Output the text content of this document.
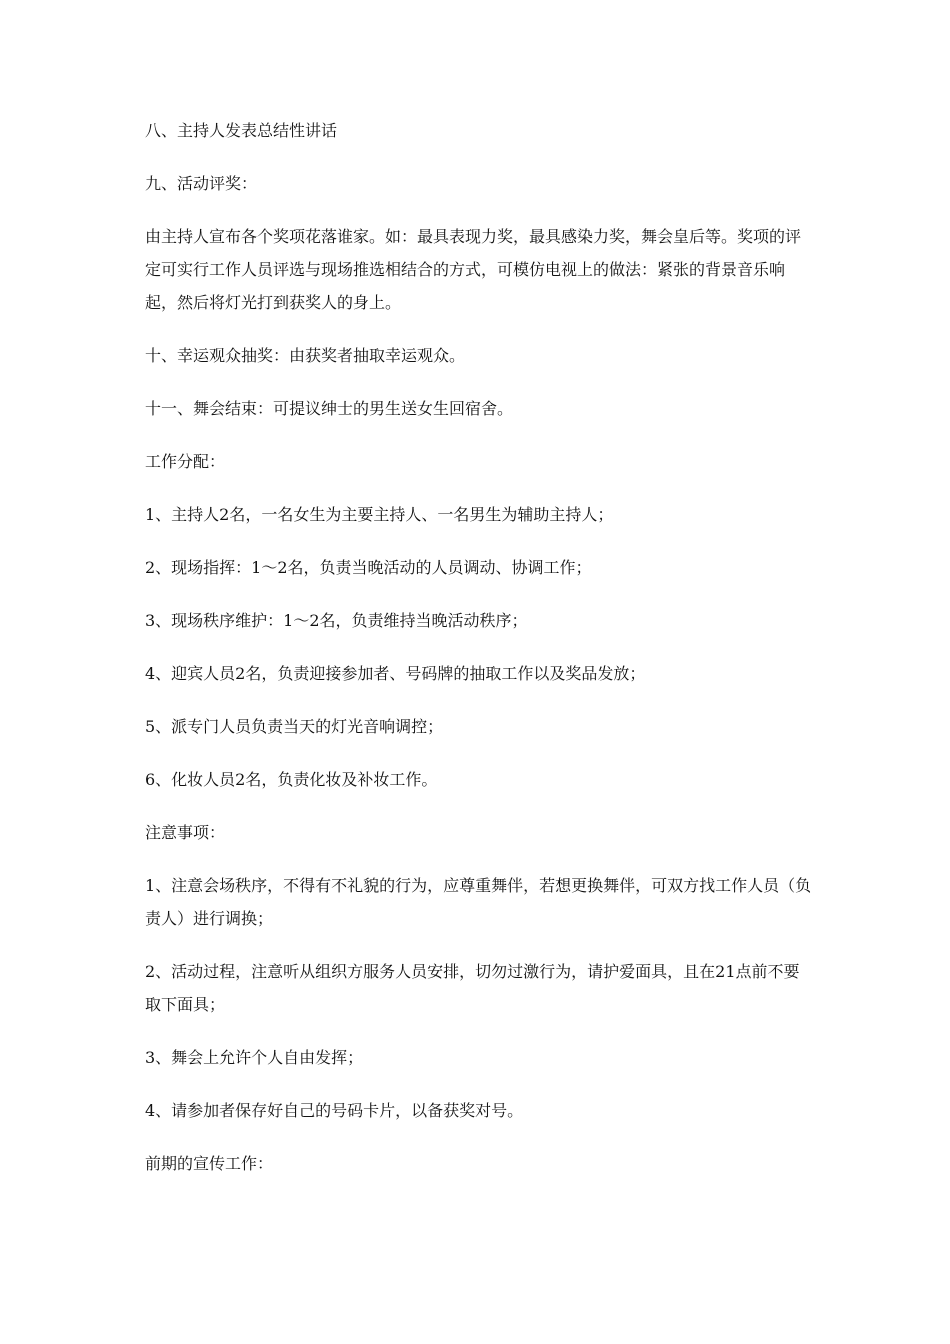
八、主持人发表总结性讲话

九、活动评奖：

由主持人宣布各个奖项花落谁家。如：最具表现力奖，最具感染力奖，舞会皇后等。奖项的评定可实行工作人员评选与现场推选相结合的方式，可模仿电视上的做法：紧张的背景音乐响起，然后将灯光打到获奖人的身上。

十、幸运观众抽奖：由获奖者抽取幸运观众。

十一、舞会结束：可提议绅士的男生送女生回宿舍。

工作分配：

1、主持人2名，一名女生为主要主持人、一名男生为辅助主持人；

2、现场指挥：1～2名，负责当晚活动的人员调动、协调工作；

3、现场秩序维护：1～2名，负责维持当晚活动秩序；

4、迎宾人员2名，负责迎接参加者、号码牌的抽取工作以及奖品发放；

5、派专门人员负责当天的灯光音响调控；

6、化妆人员2名，负责化妆及补妆工作。

注意事项：

1、注意会场秩序，不得有不礼貌的行为，应尊重舞伴，若想更换舞伴，可双方找工作人员（负责人）进行调换；

2、活动过程，注意听从组织方服务人员安排，切勿过激行为，请护爱面具，且在21点前不要取下面具；

3、舞会上允许个人自由发挥；

4、请参加者保存好自己的号码卡片，以备获奖对号。

前期的宣传工作：
